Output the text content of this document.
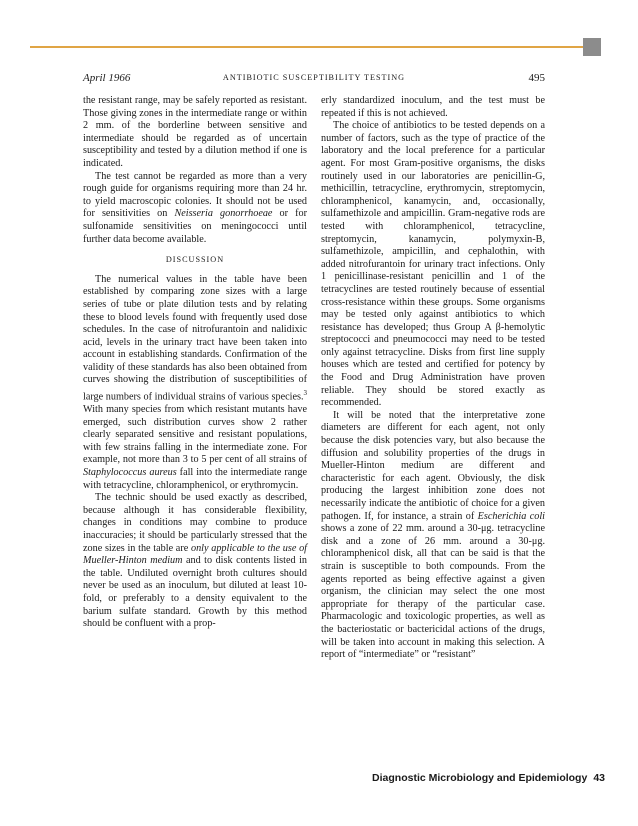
April 1966	ANTIBIOTIC SUSCEPTIBILITY TESTING	495

the resistant range, may be safely reported as resistant. Those giving zones in the intermediate range or within 2 mm. of the borderline between sensitive and intermediate should be regarded as of uncertain susceptibility and tested by a dilution method if one is indicated.

The test cannot be regarded as more than a very rough guide for organisms requiring more than 24 hr. to yield macroscopic colonies. It should not be used for sensitivities on Neisseria gonorrhoeae or for sulfonamide sensitivities on meningococci until further data become available.

DISCUSSION

The numerical values in the table have been established by comparing zone sizes with a large series of tube or plate dilution tests and by relating these to blood levels found with frequently used dose schedules. In the case of nitrofurantoin and nalidixic acid, levels in the urinary tract have been taken into account in establishing standards. Confirmation of the validity of these standards has also been obtained from curves showing the distribution of susceptibilities of large numbers of individual strains of various species.$^3$ With many species from which resistant mutants have emerged, such distribution curves show 2 rather clearly separated sensitive and resistant populations, with few strains falling in the intermediate zone. For example, not more than 3 to 5 per cent of all strains of Staphylococcus aureus fall into the intermediate range with tetracycline, chloramphenicol, or erythromycin.

The technic should be used exactly as described, because although it has considerable flexibility, changes in conditions may combine to produce inaccuracies; it should be particularly stressed that the zone sizes in the table are only applicable to the use of Mueller-Hinton medium and to disk contents listed in the table. Undiluted overnight broth cultures should never be used as an inoculum, but diluted at least 10-fold, or preferably to a density equivalent to the barium sulfate standard. Growth by this method should be confluent with a prop-

erly standardized inoculum, and the test must be repeated if this is not achieved.

The choice of antibiotics to be tested depends on a number of factors, such as the type of practice of the laboratory and the local preference for a particular agent. For most Gram-positive organisms, the disks routinely used in our laboratories are penicillin-G, methicillin, tetracycline, erythromycin, streptomycin, chloramphenicol, kanamycin, and, occasionally, sulfamethizole and ampicillin. Gram-negative rods are tested with chloramphenicol, tetracycline, streptomycin, kanamycin, polymyxin-B, sulfamethizole, ampicillin, and cephalothin, with added nitrofurantoin for urinary tract infections. Only 1 penicillinase-resistant penicillin and 1 of the tetracyclines are tested routinely because of essential cross-resistance within these groups. Some organisms may be tested only against antibiotics to which resistance has developed; thus Group A β-hemolytic streptococci and pneumococci may need to be tested only against tetracycline. Disks from first line supply houses which are tested and certified for potency by the Food and Drug Administration have proven reliable. They should be stored exactly as recommended.

It will be noted that the interpretative zone diameters are different for each agent, not only because the disk potencies vary, but also because the diffusion and solubility properties of the drugs in Mueller-Hinton medium are different and characteristic for each agent. Obviously, the disk producing the largest inhibition zone does not necessarily indicate the antibiotic of choice for a given pathogen. If, for instance, a strain of Escherichia coli shows a zone of 22 mm. around a 30-μg. tetracycline disk and a zone of 26 mm. around a 30-μg. chloramphenicol disk, all that can be said is that the strain is susceptible to both compounds. From the agents reported as being effective against a given organism, the clinician may select the one most appropriate for therapy of the particular case. Pharmacologic and toxicologic properties, as well as the bacteriostatic or bactericidal actions of the drugs, will be taken into account in making this selection. A report of “intermediate” or “resistant”

Diagnostic Microbiology and Epidemiology 43
